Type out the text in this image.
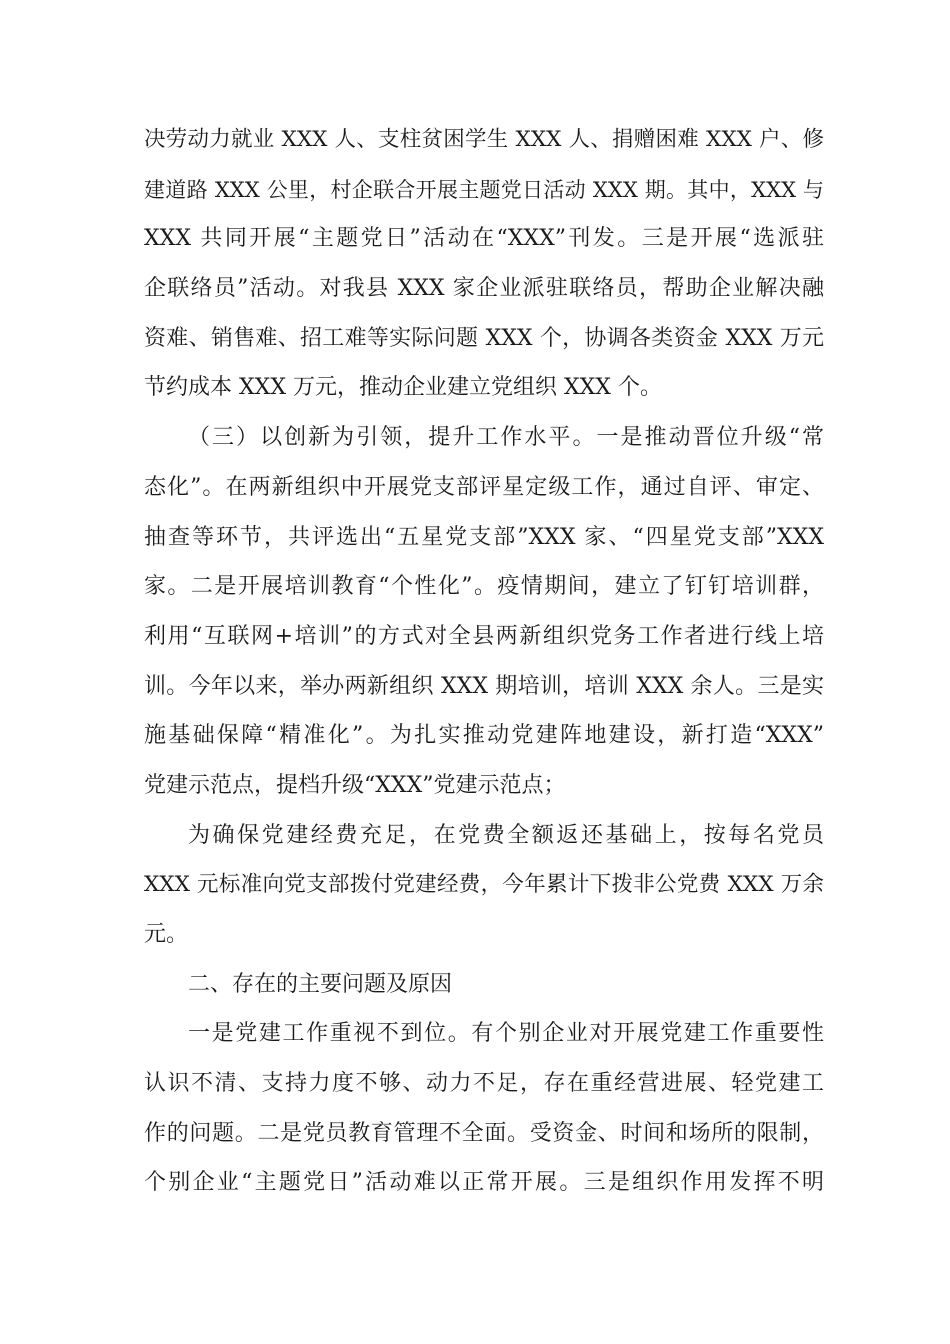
决劳动力就业 XXX 人、支柱贫困学生 XXX 人、捐赠困难 XXX 户、修
建道路 XXX 公里，村企联合开展主题党日活动 XXX 期。其中，XXX 与
XXX 共同开展“主题党日”活动在“XXX”刊发。三是开展“选派驻
企联络员”活动。对我县 XXX 家企业派驻联络员，帮助企业解决融
资难、销售难、招工难等实际问题 XXX 个，协调各类资金 XXX 万元
节约成本 XXX 万元，推动企业建立党组织 XXX 个。
（三）以创新为引领，提升工作水平。一是推动晋位升级“常
态化”。在两新组织中开展党支部评星定级工作，通过自评、审定、
抽查等环节，共评选出“五星党支部”XXX 家、“四星党支部”XXX
家。二是开展培训教育“个性化”。疫情期间，建立了钉钉培训群，
利用“互联网+培训”的方式对全县两新组织党务工作者进行线上培
训。今年以来，举办两新组织 XXX 期培训，培训 XXX 余人。三是实
施基础保障“精准化”。为扎实推动党建阵地建设，新打造“XXX”
党建示范点，提档升级“XXX”党建示范点；
为确保党建经费充足，在党费全额返还基础上，按每名党员
XXX 元标准向党支部拨付党建经费，今年累计下拨非公党费 XXX 万余
元。
二、存在的主要问题及原因
一是党建工作重视不到位。有个别企业对开展党建工作重要性
认识不清、支持力度不够、动力不足，存在重经营进展、轻党建工
作的问题。二是党员教育管理不全面。受资金、时间和场所的限制，
个别企业“主题党日”活动难以正常开展。三是组织作用发挥不明
